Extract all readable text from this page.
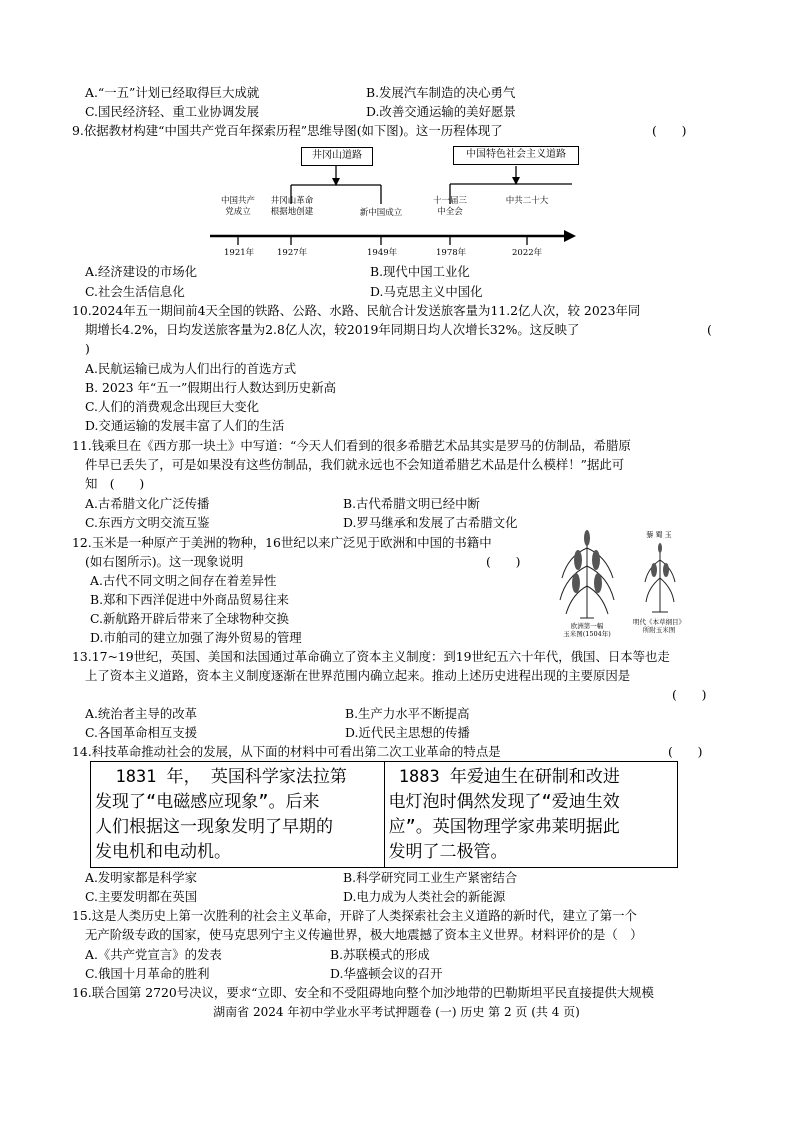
A.“一五”计划已经取得巨大成就	B.发展汽车制造的决心勇气
C.国民经济轻、重工业协调发展	D.改善交通运输的美好愿景
9.依据教材构建“中国共产党百年探索历程”思维导图(如下图)。这一历程体现了	(　　)
井冈山道路	中国特色社会主义道路
中国共产
党成立
井冈山革命
根据地创建	新中国成立
十一届三
中全会
中共二十大
1921年	1927年	1949年	1978年	2022年
A.经济建设的市场化	B.现代中国工业化
C.社会生活信息化	D.马克思主义中国化
10.2024年五一期间前4天全国的铁路、公路、水路、民航合计发送旅客量为11.2亿人次，较 2023年同
期增长4.2%，日均发送旅客量为2.8亿人次，较2019年同期日均人次增长32%。这反映了	(
)
A.民航运输已成为人们出行的首选方式
B. 2023 年“五一”假期出行人数达到历史新高
C.人们的消费观念出现巨大变化
D.交通运输的发展丰富了人们的生活
11.钱乘旦在《西方那一块土》中写道：“今天人们看到的很多希腊艺术品其实是罗马的仿制品，希腊原
件早已丢失了，可是如果没有这些仿制品，我们就永远也不会知道希腊艺术品是什么模样！”据此可
知　(　　)
A.古希腊文化广泛传播	B.古代希腊文明已经中断
C.东西方文明交流互鉴	D.罗马继承和发展了古希腊文化
12.玉米是一种原产于美洲的物种，16世纪以来广泛见于欧洲和中国的书籍中
(如右图所示)。这一现象说明	(　　)
A.古代不同文明之间存在着差异性
B.郑和下西洋促进中外商品贸易往来
C.新航路开辟后带来了全球物种交换
D.市舶司的建立加强了海外贸易的管理
欧洲第一幅
玉米图(1504年)
藜 蜀 玉
明代《本草纲目》
所附玉米图
13.17~19世纪，英国、美国和法国通过革命确立了资本主义制度：到19世纪五六十年代，俄国、日本等也走
上了资本主义道路，资本主义制度逐渐在世界范围内确立起来。推动上述历史进程出现的主要原因是
(　　)
A.统治者主导的改革	B.生产力水平不断提高
C.各国革命相互支援	D.近代民主思想的传播
14.科技革命推动社会的发展，从下面的材料中可看出第二次工业革命的特点是	(　　)
1831 年， 英国科学家法拉第
发现了“电磁感应现象”。后来
人们根据这一现象发明了早期的
发电机和电动机。
1883 年爱迪生在研制和改进
电灯泡时偶然发现了“爱迪生效
应”。英国物理学家弗莱明据此
发明了二极管。
A.发明家都是科学家	B.科学研究同工业生产紧密结合
C.主要发明都在英国	D.电力成为人类社会的新能源
15.这是人类历史上第一次胜利的社会主义革命，开辟了人类探索社会主义道路的新时代，建立了第一个
无产阶级专政的国家，使马克思列宁主义传遍世界，极大地震撼了资本主义世界。材料评价的是（　）
A.《共产党宣言》的发表	B.苏联模式的形成
C.俄国十月革命的胜利	D.华盛顿会议的召开
16.联合国第 2720号决议，要求“立即、安全和不受阻碍地向整个加沙地带的巴勒斯坦平民直接提供大规模
湖南省 2024 年初中学业水平考试押题卷 (一) 历史 第 2 页 (共 4 页)
